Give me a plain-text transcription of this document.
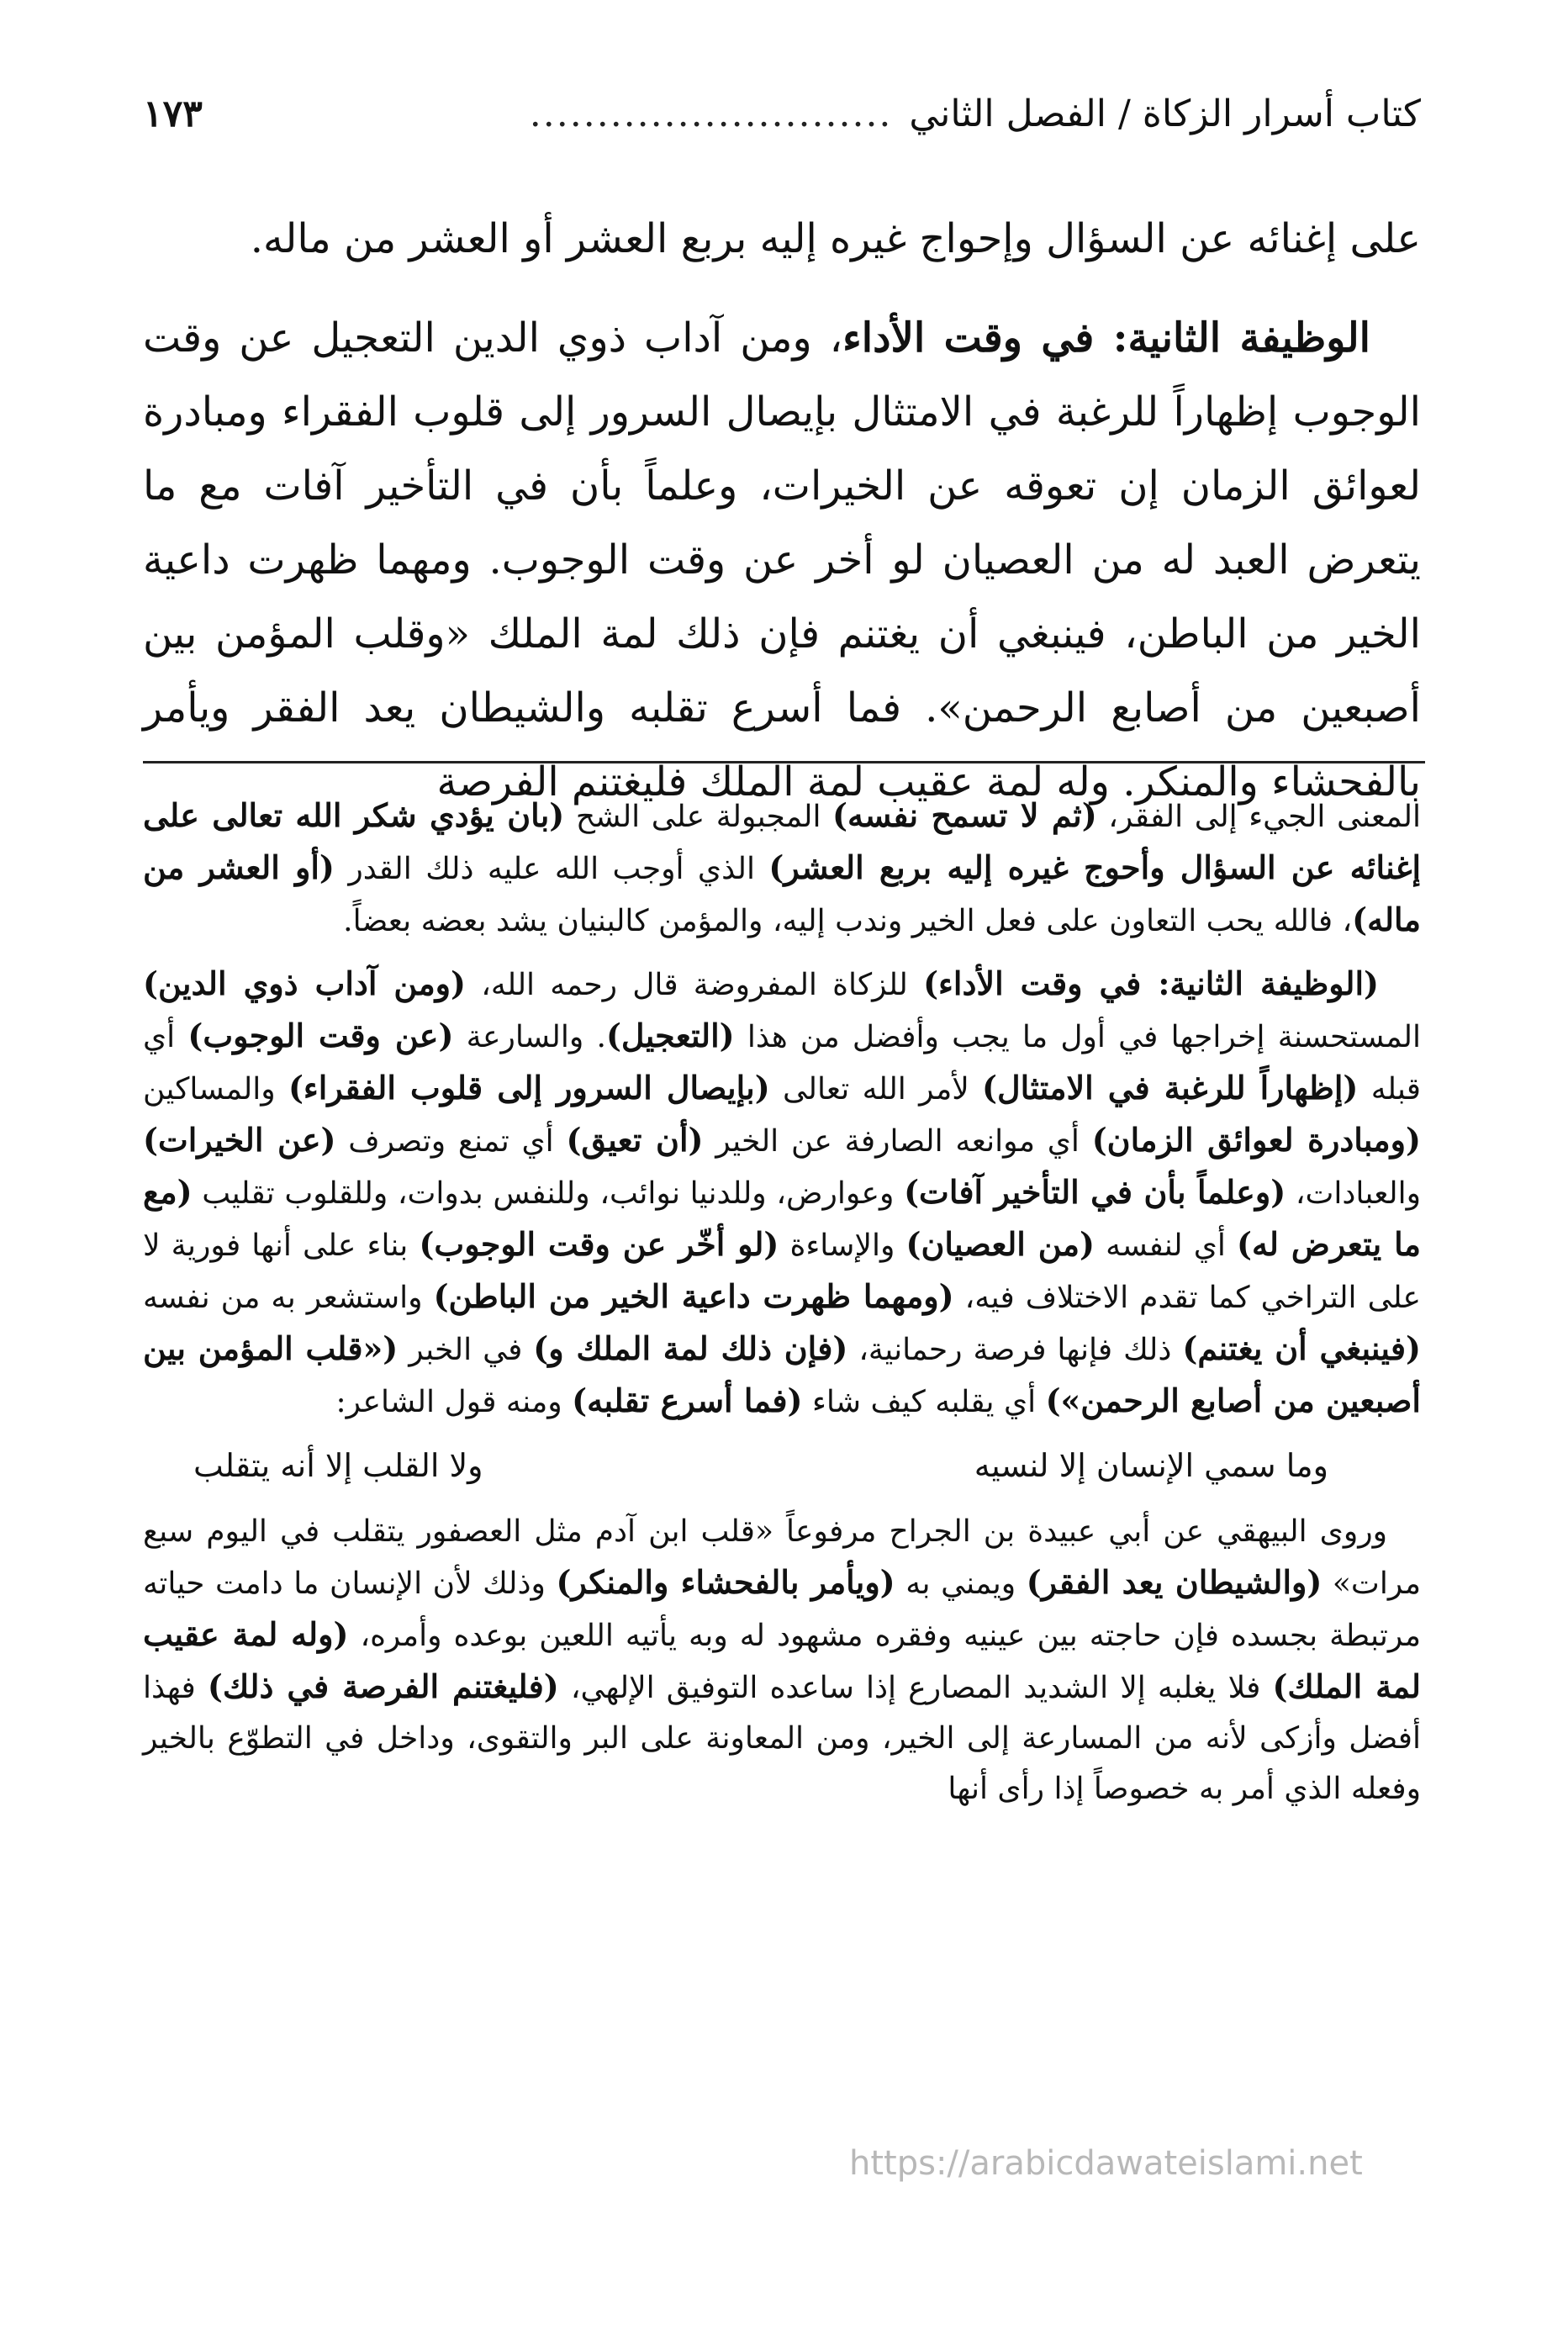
كتاب أسرار الزكاة / الفصل الثاني
...........................
١٧٣

على إغنائه عن السؤال وإحواج غيره إليه بربع العشر أو العشر من ماله.

الوظيفة الثانية: في وقت الأداء، ومن آداب ذوي الدين التعجيل عن وقت الوجوب إظهاراً للرغبة في الامتثال بإيصال السرور إلى قلوب الفقراء ومبادرة لعوائق الزمان إن تعوقه عن الخيرات، وعلماً بأن في التأخير آفات مع ما يتعرض العبد له من العصيان لو أخر عن وقت الوجوب. ومهما ظهرت داعية الخير من الباطن، فينبغي أن يغتنم فإن ذلك لمة الملك «وقلب المؤمن بين أصبعين من أصابع الرحمن». فما أسرع تقلبه والشيطان يعد الفقر ويأمر بالفحشاء والمنكر. وله لمة عقيب لمة الملك فليغتنم الفرصة

المعنى الجيء إلى الفقر، (ثم لا تسمح نفسه) المجبولة على الشح (بان يؤدي شكر الله تعالى على إغنائه عن السؤال وأحوج غيره إليه بربع العشر) الذي أوجب الله عليه ذلك القدر (أو العشر من ماله)، فالله يحب التعاون على فعل الخير وندب إليه، والمؤمن كالبنيان يشد بعضه بعضاً.

(الوظيفة الثانية: في وقت الأداء) للزكاة المفروضة قال رحمه الله، (ومن آداب ذوي الدين) المستحسنة إخراجها في أول ما يجب وأفضل من هذا (التعجيل). والسارعة (عن وقت الوجوب) أي قبله (إظهاراً للرغبة في الامتثال) لأمر الله تعالى (بإيصال السرور إلى قلوب الفقراء) والمساكين (ومبادرة لعوائق الزمان) أي موانعه الصارفة عن الخير (أن تعيق) أي تمنع وتصرف (عن الخيرات) والعبادات، (وعلماً بأن في التأخير آفات) وعوارض، وللدنيا نوائب، وللنفس بدوات، وللقلوب تقليب (مع ما يتعرض له) أي لنفسه (من العصيان) والإساءة (لو أخّر عن وقت الوجوب) بناء على أنها فورية لا على التراخي كما تقدم الاختلاف فيه، (ومهما ظهرت داعية الخير من الباطن) واستشعر به من نفسه (فينبغي أن يغتنم) ذلك فإنها فرصة رحمانية، (فإن ذلك لمة الملك و) في الخبر («قلب المؤمن بين أصبعين من أصابع الرحمن») أي يقلبه كيف شاء (فما أسرع تقلبه) ومنه قول الشاعر:

وما سمي الإنسان إلا لنسيه
ولا القلب إلا أنه يتقلب

وروى البيهقي عن أبي عبيدة بن الجراح مرفوعاً «قلب ابن آدم مثل العصفور يتقلب في اليوم سبع مرات» (والشيطان يعد الفقر) ويمني به (ويأمر بالفحشاء والمنكر) وذلك لأن الإنسان ما دامت حياته مرتبطة بجسده فإن حاجته بين عينيه وفقره مشهود له وبه يأتيه اللعين بوعده وأمره، (وله لمة عقيب لمة الملك) فلا يغلبه إلا الشديد المصارع إذا ساعده التوفيق الإلهي، (فليغتنم الفرصة في ذلك) فهذا أفضل وأزكى لأنه من المسارعة إلى الخير، ومن المعاونة على البر والتقوى، وداخل في التطوّع بالخير وفعله الذي أمر به خصوصاً إذا رأى أنها

https://arabicdawateislami.net
